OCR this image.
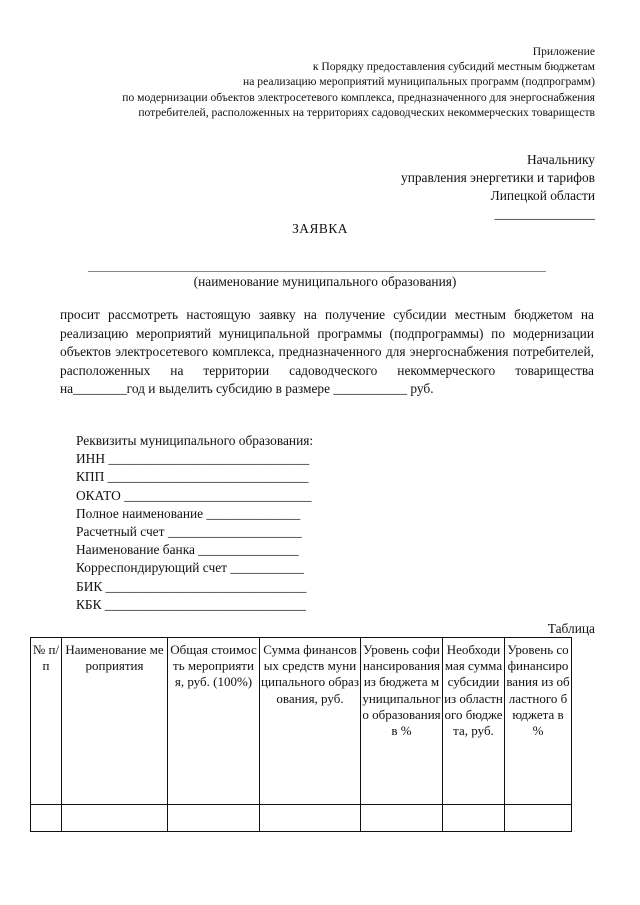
Приложение
к Порядку предоставления субсидий местным бюджетам
на реализацию мероприятий муниципальных программ (подпрограмм)
по модернизации объектов электросетевого комплекса, предназначенного для энергоснабжения
потребителей, расположенных на территориях садоводческих некоммерческих товариществ
Начальнику
управления энергетики и тарифов
Липецкой области
_______________
ЗАЯВКА
(наименование муниципального образования)
просит рассмотреть настоящую заявку на получение субсидии местным бюджетом на реализацию мероприятий муниципальной программы (подпрограммы) по модернизации объектов электросетевого комплекса, предназначенного для энергоснабжения потребителей, расположенных на территории садоводческого некоммерческого товарищества на________год и выделить субсидию в размере ___________ руб.
Реквизиты муниципального образования:
ИНН ______________________________
КПП ______________________________
ОКАТО ____________________________
Полное наименование ______________
Расчетный счет ____________________
Наименование банка _______________
Корреспондирующий счет ___________
БИК ______________________________
КБК ______________________________
Таблица
№ п/п	Наименование мероприятия	Общая стоимость мероприятия, руб. (100%)	Сумма финансовых средств муниципального образования, руб.	Уровень софинансирования из бюджета муниципального образования в %	Необходимая сумма субсидии из областного бюджета, руб.	Уровень софинансирования из областного бюджета в %
